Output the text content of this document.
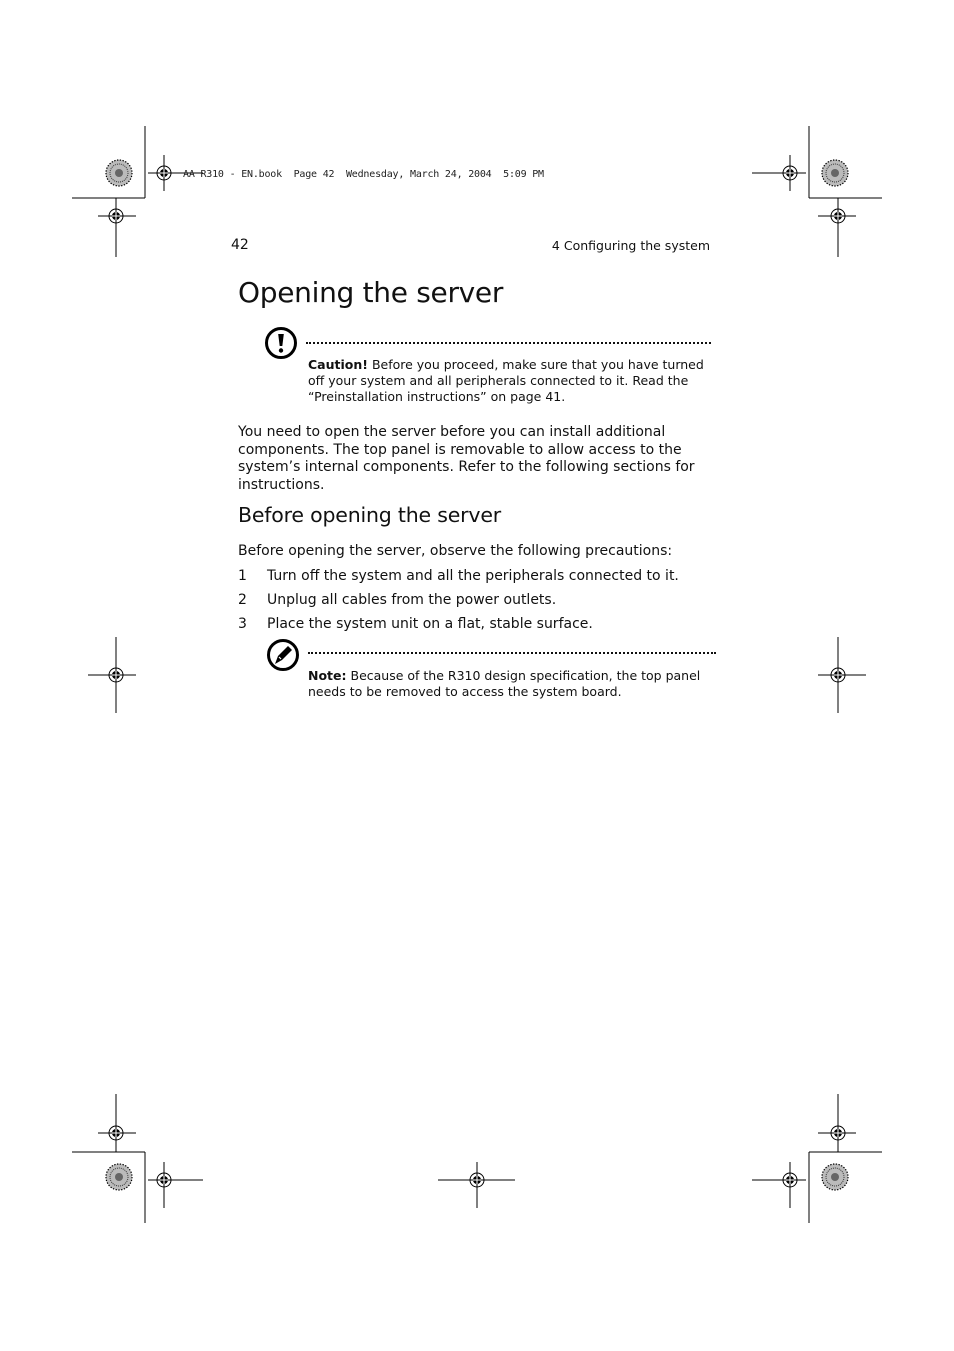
AA R310 - EN.book  Page 42  Wednesday, March 24, 2004  5:09 PM
42	4 Configuring the system
Opening the server
Caution! Before you proceed, make sure that you have turned off your system and all peripherals connected to it. Read the “Preinstallation instructions” on page 41.
You need to open the server before you can install additional components. The top panel is removable to allow access to the system’s internal components. Refer to the following sections for instructions.
Before opening the server
Before opening the server, observe the following precautions:
1 Turn off the system and all the peripherals connected to it.
2 Unplug all cables from the power outlets.
3 Place the system unit on a flat, stable surface.
Note: Because of the R310 design specification, the top panel needs to be removed to access the system board.
